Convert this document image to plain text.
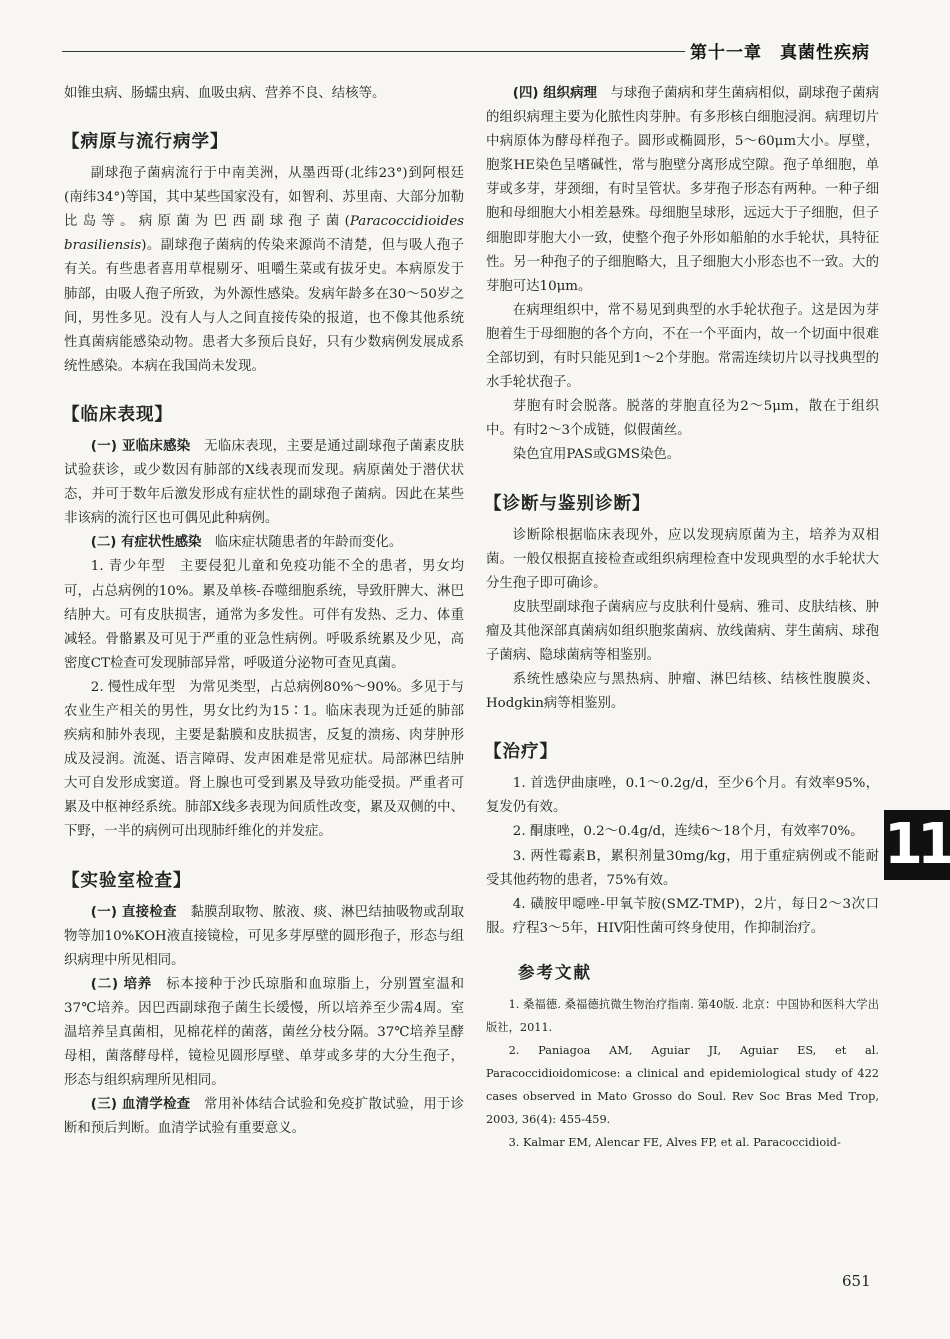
第十一章　真菌性疾病

如锥虫病、肠蠕虫病、血吸虫病、营养不良、结核等。

【病原与流行病学】

副球孢子菌病流行于中南美洲，从墨西哥(北纬23°)到阿根廷(南纬34°)等国，其中某些国家没有，如智利、苏里南、大部分加勒比岛等。病原菌为巴西副球孢子菌(Paracoccidioides brasiliensis)。副球孢子菌病的传染来源尚不清楚，但与吸人孢子有关。有些患者喜用草棍剔牙、咀嚼生菜或有拔牙史。本病原发于肺部，由吸人孢子所致，为外源性感染。发病年龄多在30～50岁之间，男性多见。没有人与人之间直接传染的报道，也不像其他系统性真菌病能感染动物。患者大多预后良好，只有少数病例发展成系统性感染。本病在我国尚未发现。

【临床表现】

(一) 亚临床感染　无临床表现，主要是通过副球孢子菌素皮肤试验获诊，或少数因有肺部的X线表现而发现。病原菌处于潜伏状态，并可于数年后激发形成有症状性的副球孢子菌病。因此在某些非该病的流行区也可偶见此种病例。

(二) 有症状性感染　临床症状随患者的年龄而变化。

1. 青少年型　主要侵犯儿童和免疫功能不全的患者，男女均可，占总病例的10%。累及单核-吞噬细胞系统，导致肝脾大、淋巴结肿大。可有皮肤损害，通常为多发性。可伴有发热、乏力、体重减轻。骨骼累及可见于严重的亚急性病例。呼吸系统累及少见，高密度CT检查可发现肺部异常，呼吸道分泌物可查见真菌。

2. 慢性成年型　为常见类型，占总病例80%～90%。多见于与农业生产相关的男性，男女比约为15∶1。临床表现为迁延的肺部疾病和肺外表现，主要是黏膜和皮肤损害，反复的溃疡、肉芽肿形成及浸润。流涎、语言障碍、发声困难是常见症状。局部淋巴结肿大可自发形成窦道。肾上腺也可受到累及导致功能受损。严重者可累及中枢神经系统。肺部X线多表现为间质性改变，累及双侧的中、下野，一半的病例可出现肺纤维化的并发症。

【实验室检查】

(一) 直接检查　黏膜刮取物、脓液、痰、淋巴结抽吸物或刮取物等加10%KOH液直接镜检，可见多芽厚壁的圆形孢子，形态与组织病理中所见相同。

(二) 培养　标本接种于沙氏琼脂和血琼脂上，分别置室温和37℃培养。因巴西副球孢子菌生长缓慢，所以培养至少需4周。室温培养呈真菌相，见棉花样的菌落，菌丝分枝分隔。37℃培养呈酵母相，菌落酵母样，镜检见圆形厚壁、单芽或多芽的大分生孢子，形态与组织病理所见相同。

(三) 血清学检查　常用补体结合试验和免疫扩散试验，用于诊断和预后判断。血清学试验有重要意义。

(四) 组织病理　与球孢子菌病和芽生菌病相似，副球孢子菌病的组织病理主要为化脓性肉芽肿。有多形核白细胞浸润。病理切片中病原体为酵母样孢子。圆形或椭圆形，5～60μm大小。厚壁，胞浆HE染色呈嗜碱性，常与胞壁分离形成空隙。孢子单细胞，单芽或多芽，芽颈细，有时呈管状。多芽孢子形态有两种。一种子细胞和母细胞大小相差悬殊。母细胞呈球形，远远大于子细胞，但子细胞即芽胞大小一致，使整个孢子外形如船舶的水手轮状，具特征性。另一种孢子的子细胞略大，且子细胞大小形态也不一致。大的芽胞可达10μm。

在病理组织中，常不易见到典型的水手轮状孢子。这是因为芽胞着生于母细胞的各个方向，不在一个平面内，故一个切面中很难全部切到，有时只能见到1～2个芽胞。常需连续切片以寻找典型的水手轮状孢子。

芽胞有时会脱落。脱落的芽胞直径为2～5μm，散在于组织中。有时2～3个成链，似假菌丝。

染色宜用PAS或GMS染色。

【诊断与鉴别诊断】

诊断除根据临床表现外，应以发现病原菌为主，培养为双相菌。一般仅根据直接检查或组织病理检查中发现典型的水手轮状大分生孢子即可确诊。

皮肤型副球孢子菌病应与皮肤利什曼病、雅司、皮肤结核、肿瘤及其他深部真菌病如组织胞浆菌病、放线菌病、芽生菌病、球孢子菌病、隐球菌病等相鉴别。

系统性感染应与黑热病、肿瘤、淋巴结核、结核性腹膜炎、Hodgkin病等相鉴别。

【治疗】

1. 首选伊曲康唑，0.1～0.2g/d，至少6个月。有效率95%，复发仍有效。

2. 酮康唑，0.2～0.4g/d，连续6～18个月，有效率70%。

3. 两性霉素B，累积剂量30mg/kg，用于重症病例或不能耐受其他药物的患者，75%有效。

4. 磺胺甲噁唑-甲氧苄胺(SMZ-TMP)，2片，每日2～3次口服。疗程3～5年，HIV阳性菌可终身使用，作抑制治疗。

参考文献

1. 桑福德. 桑福德抗微生物治疗指南. 第40版. 北京：中国协和医科大学出版社，2011.

2. Paniagoa AM, Aguiar JI, Aguiar ES, et al. Paracoccidioidomicose: a clinical and epidemiological study of 422 cases observed in Mato Grosso do Soul. Rev Soc Bras Med Trop, 2003, 36(4): 455-459.

3. Kalmar EM, Alencar FE, Alves FP, et al. Paracoccidioid-

11
651
